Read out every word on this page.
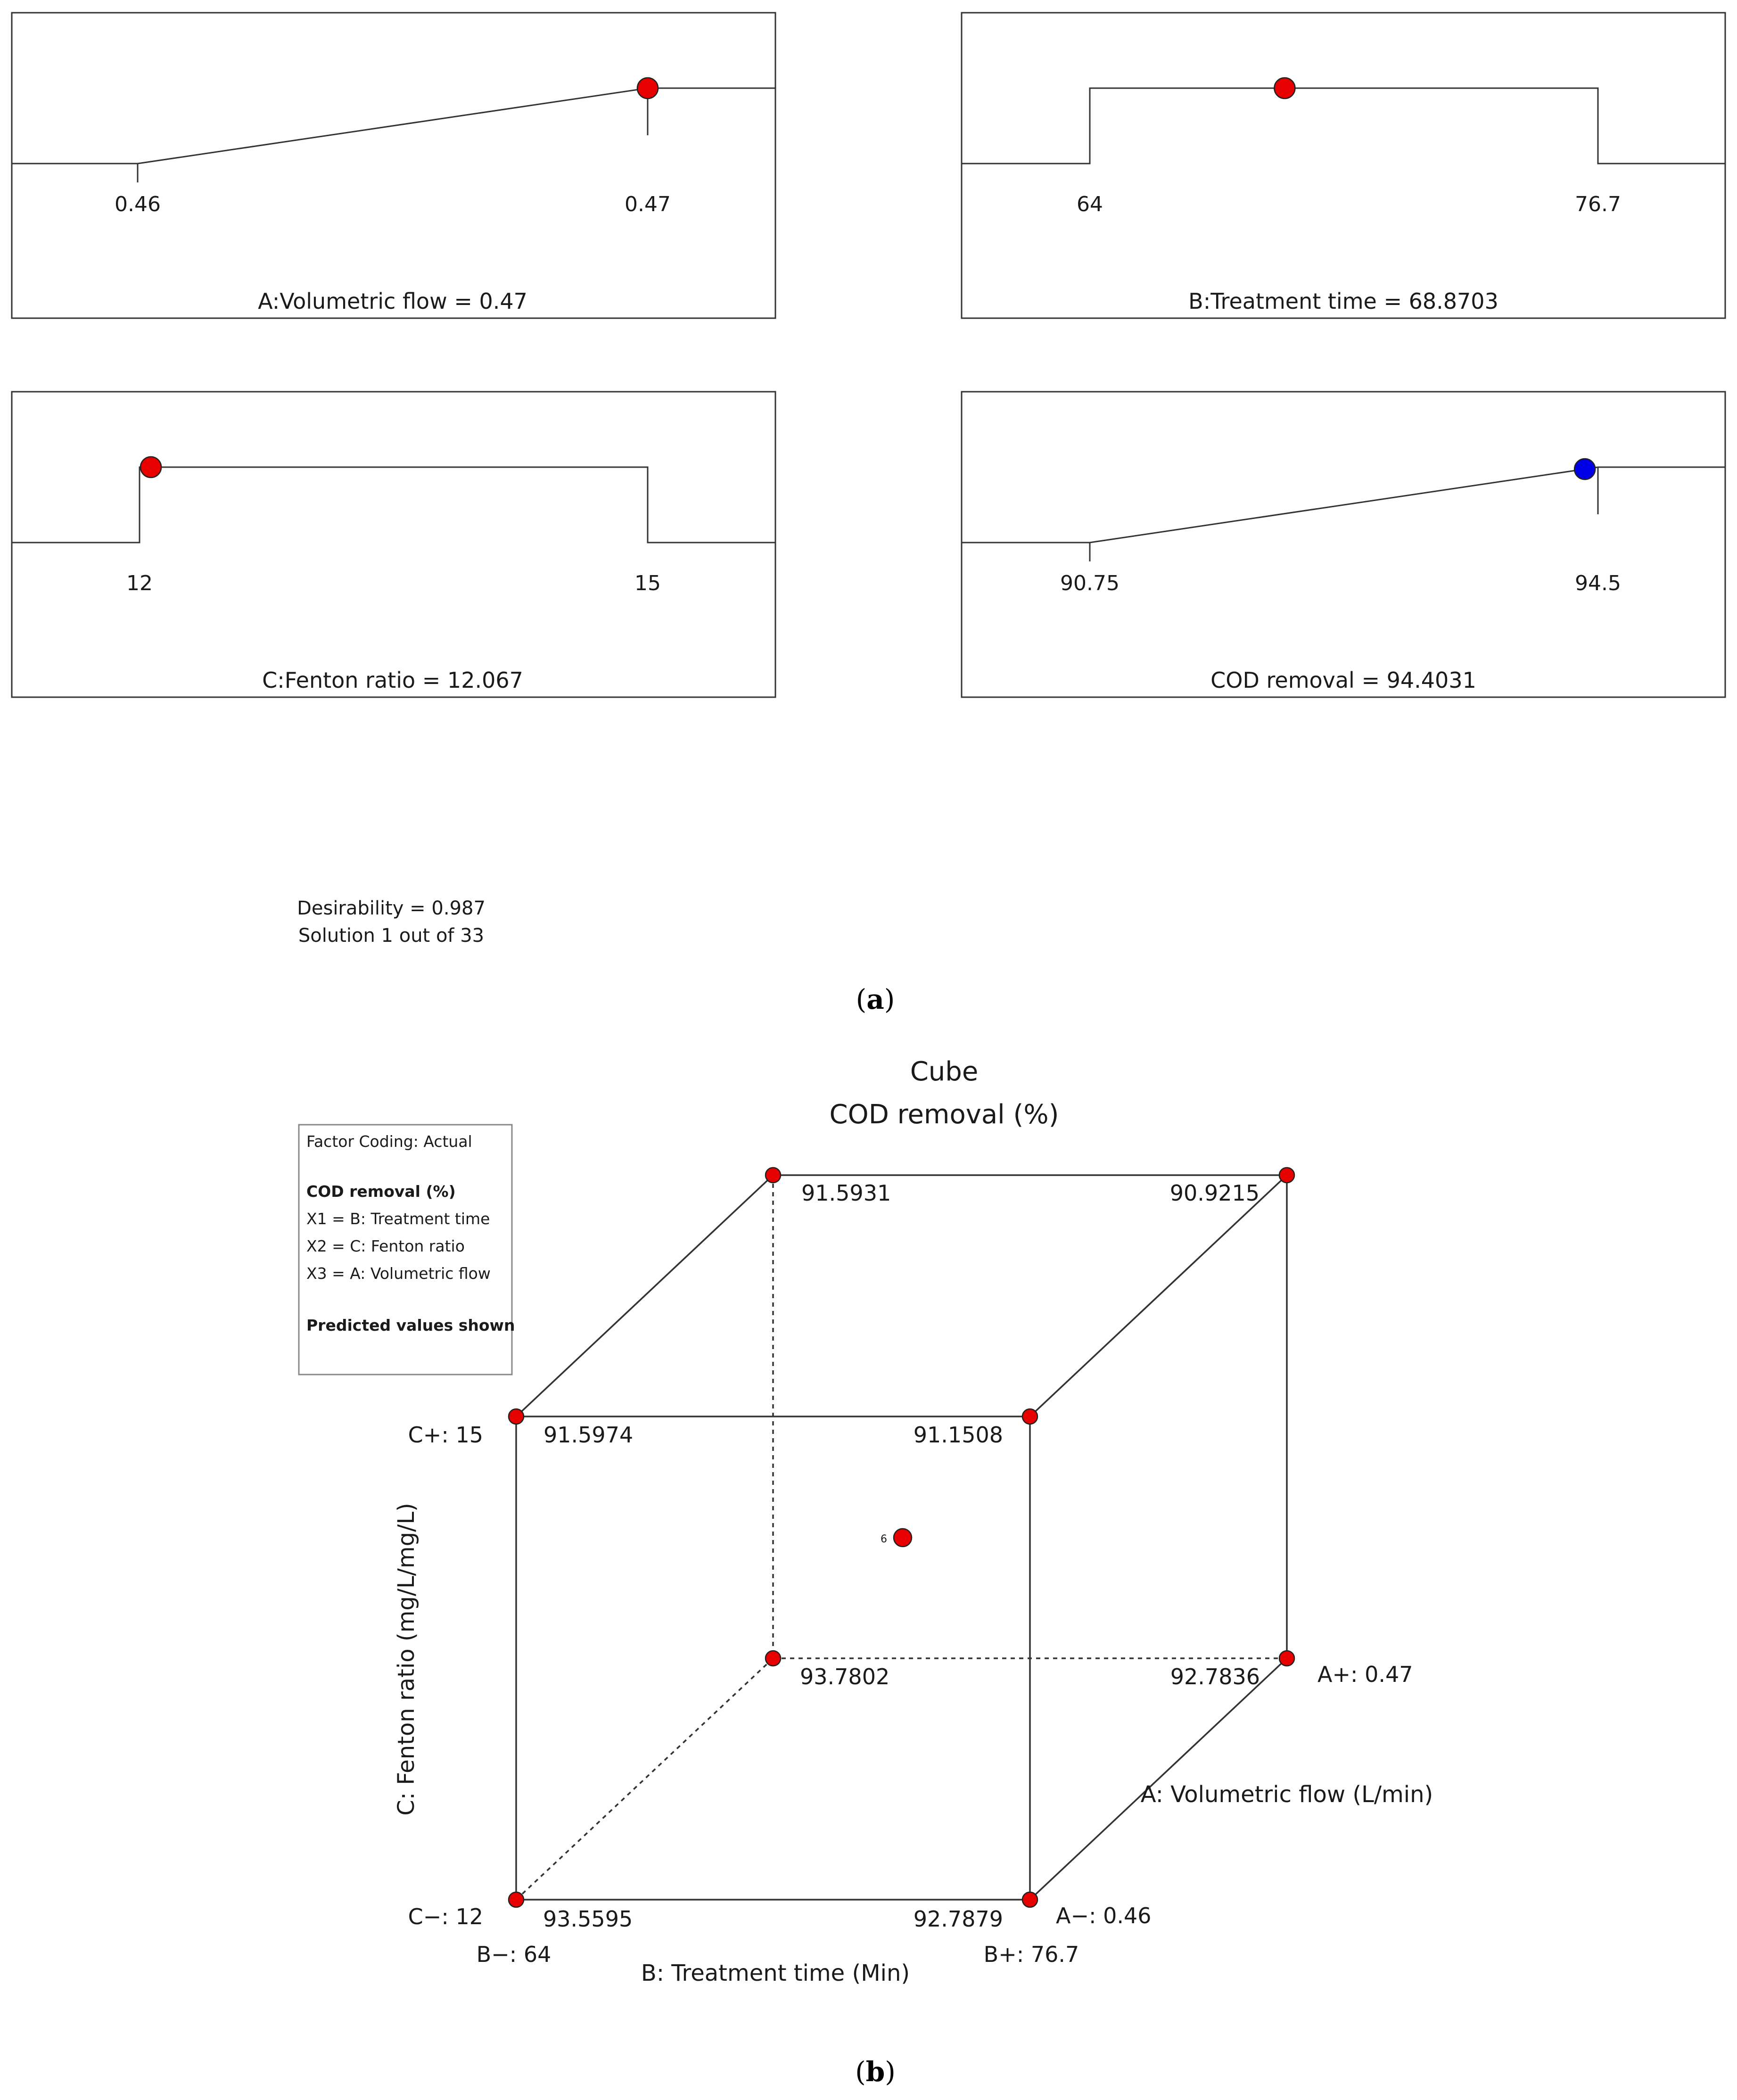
0.46	0.47
A:Volumetric flow = 0.47
64	76.7
B:Treatment time = 68.8703
12	15
C:Fenton ratio = 12.067
90.75	94.5
COD removal = 94.4031
Desirability = 0.987
Solution 1 out of 33
(a)
Cube
COD removal (%)
Factor Coding: Actual
COD removal (%)
X1 = B: Treatment time
X2 = C: Fenton ratio
X3 = A: Volumetric flow
Predicted values shown
6
91.5931	90.9215
91.5974	91.1508
93.7802	92.7836
93.5595	92.7879
C+: 15
C−: 12
A+: 0.47
A−: 0.46
B−: 64	B+: 76.7
B: Treatment time (Min)
A: Volumetric flow (L/min)
C: Fenton ratio (mg/L/mg/L)
(b)
